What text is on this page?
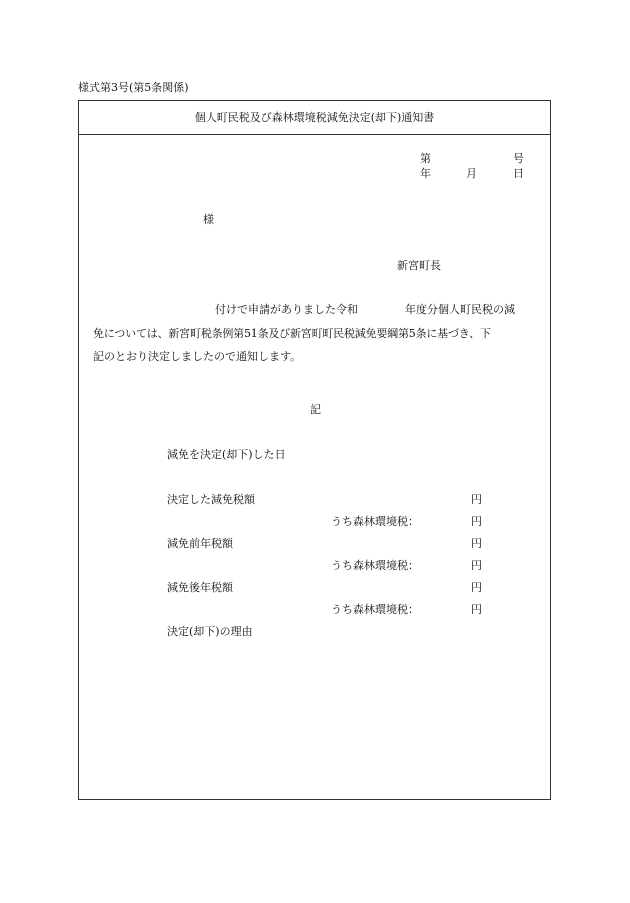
様式第3号(第5条関係)
個人町民税及び森林環境税減免決定(却下)通知書
第	号
年	月	日
様
新宮町長
付けで申請がありました令和	年度分個人町民税の減
免については、新宮町税条例第51条及び新宮町町民税減免要綱第5条に基づき、下
記のとおり決定しましたので通知します。
記
減免を決定(却下)した日
決定した減免税額	円
うち森林環境税：	円
減免前年税額	円
うち森林環境税：	円
減免後年税額	円
うち森林環境税：	円
決定(却下)の理由
